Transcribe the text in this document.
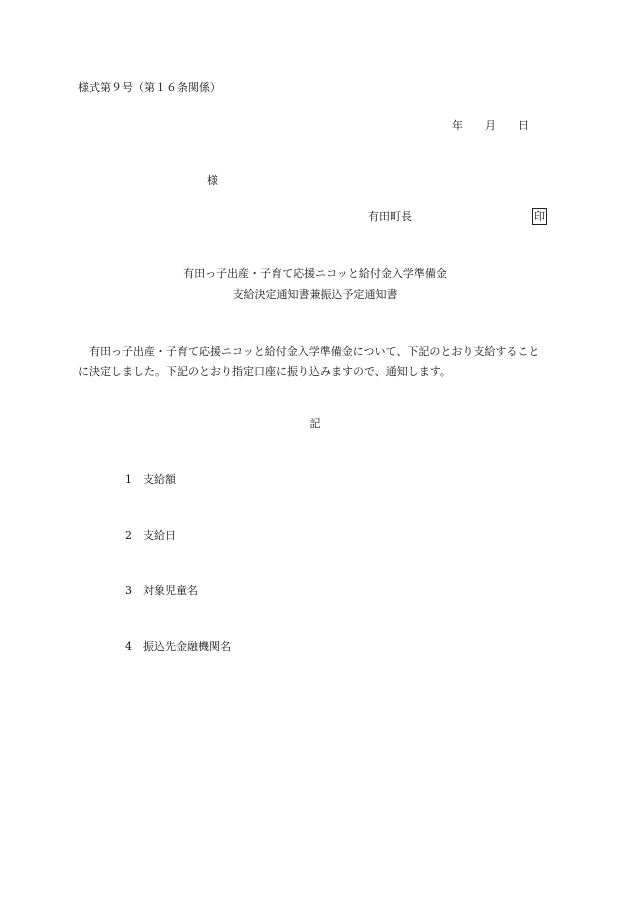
様式第９号（第１６条関係）
年 月 日
様
有田町長	印
有田っ子出産・子育て応援ニコッと給付金入学準備金
支給決定通知書兼振込予定通知書
有田っ子出産・子育て応援ニコッと給付金入学準備金について、下記のとおり支給することに決定しました。下記のとおり指定口座に振り込みますので、通知します。
記
1 支給額
2 支給日
3 対象児童名
4 振込先金融機関名
